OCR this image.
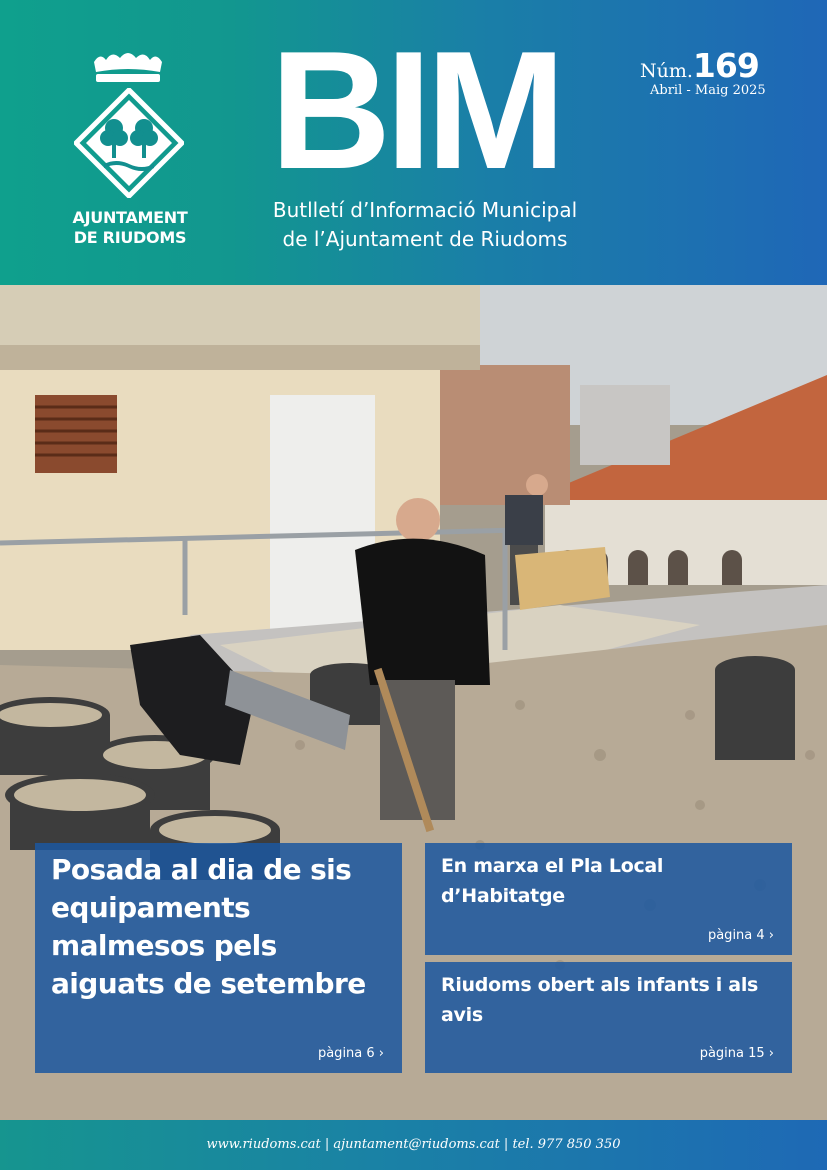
AJUNTAMENT
DE RIUDOMS
BIM
Butlletí d’Informació Municipal
de l’Ajuntament de Riudoms
Núm.169
Abril - Maig 2025
Posada al dia de sis equipaments malmesos pels aiguats de setembre
pàgina 6 ›
En marxa el Pla Local d’Habitatge
pàgina 4 ›
Riudoms obert als infants i als avis
pàgina 15 ›
www.riudoms.cat | ajuntament@riudoms.cat | tel. 977 850 350
